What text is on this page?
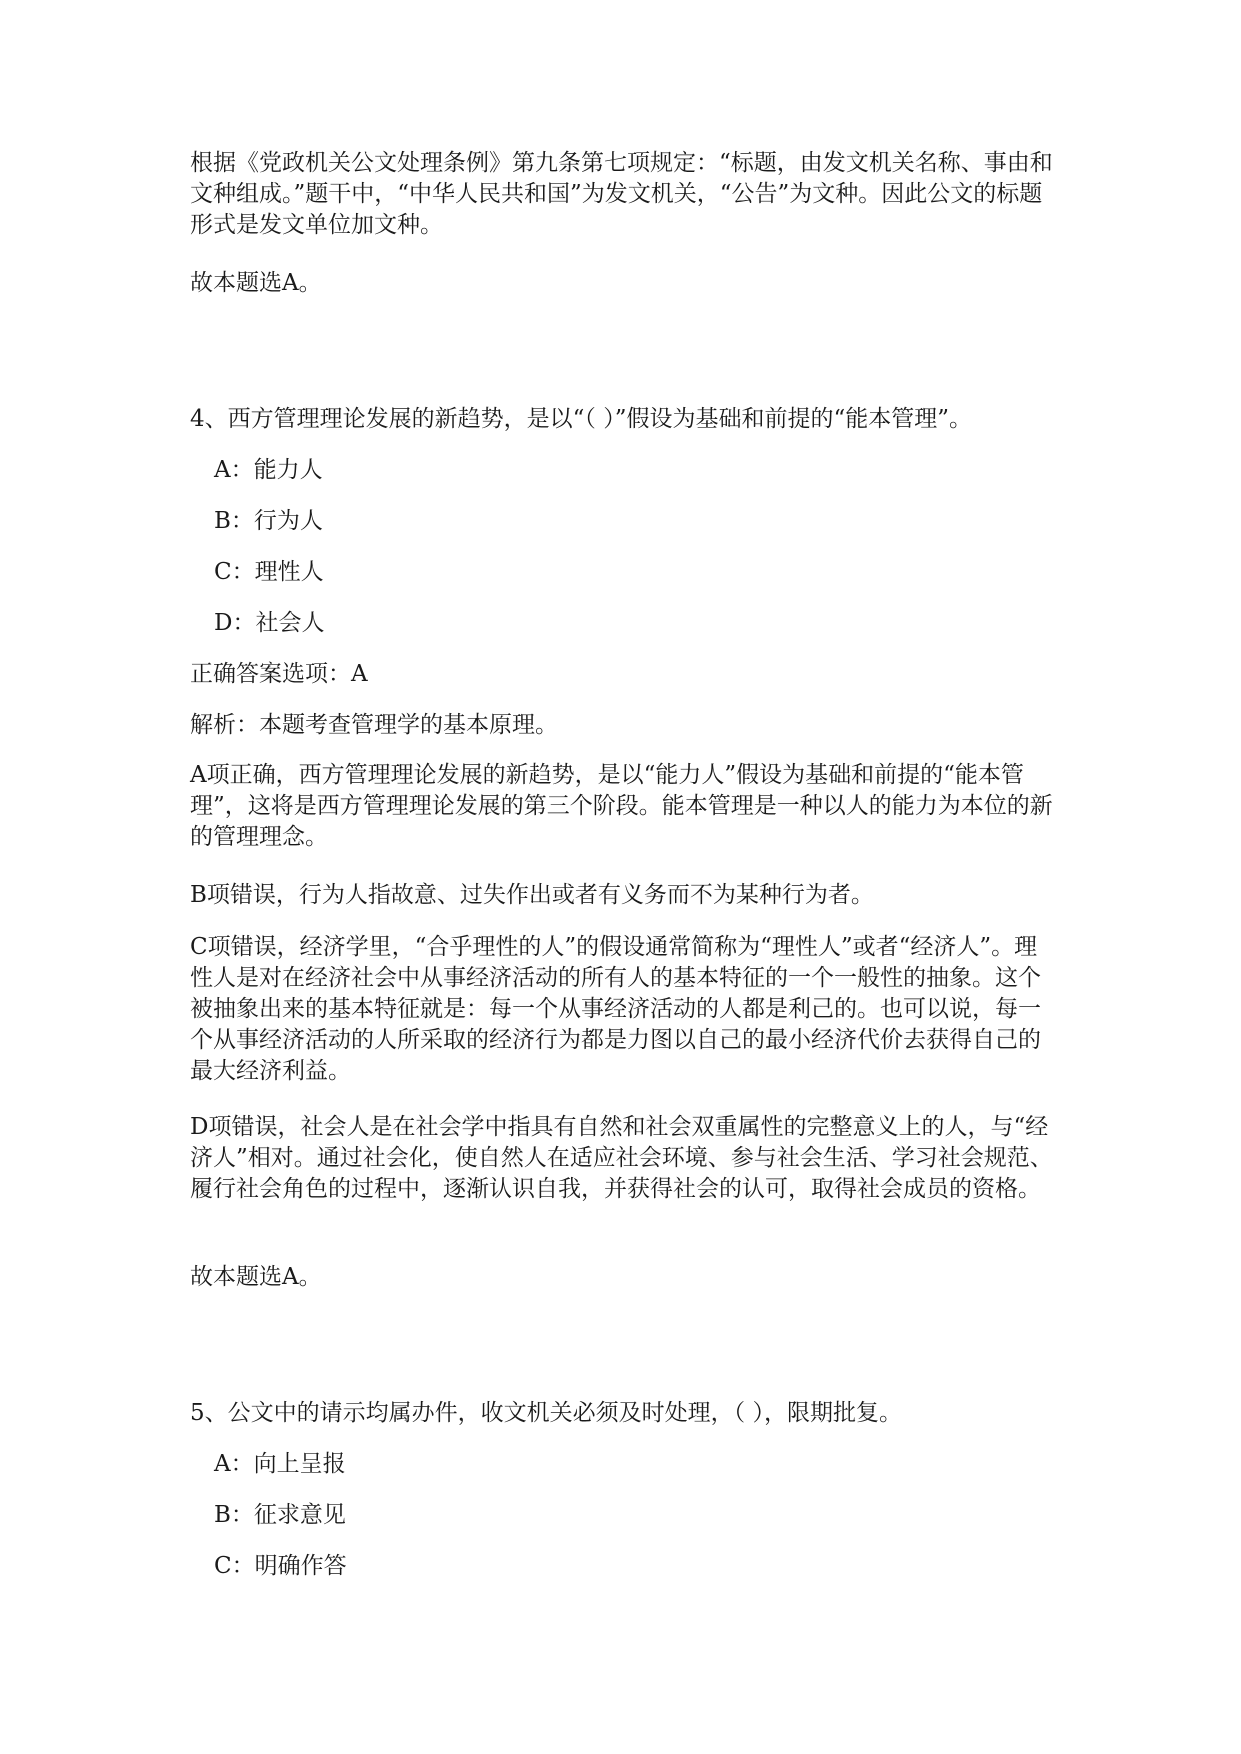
根据《党政机关公文处理条例》第九条第七项规定：“标题，由发文机关名称、事由和文种组成。”题干中，“中华人民共和国”为发文机关，“公告”为文种。因此公文的标题形式是发文单位加文种。

故本题选A。

4、西方管理理论发展的新趋势，是以“（ ）”假设为基础和前提的“能本管理”。

A：能力人

B：行为人

C：理性人

D：社会人

正确答案选项：A

解析：本题考查管理学的基本原理。

A项正确，西方管理理论发展的新趋势，是以“能力人”假设为基础和前提的“能本管理”，这将是西方管理理论发展的第三个阶段。能本管理是一种以人的能力为本位的新的管理理念。

B项错误，行为人指故意、过失作出或者有义务而不为某种行为者。

C项错误，经济学里，“合乎理性的人”的假设通常简称为“理性人”或者“经济人”。理性人是对在经济社会中从事经济活动的所有人的基本特征的一个一般性的抽象。这个被抽象出来的基本特征就是：每一个从事经济活动的人都是利己的。也可以说，每一个从事经济活动的人所采取的经济行为都是力图以自己的最小经济代价去获得自己的最大经济利益。

D项错误，社会人是在社会学中指具有自然和社会双重属性的完整意义上的人，与“经济人”相对。通过社会化，使自然人在适应社会环境、参与社会生活、学习社会规范、履行社会角色的过程中，逐渐认识自我，并获得社会的认可，取得社会成员的资格。

故本题选A。

5、公文中的请示均属办件，收文机关必须及时处理，（ ），限期批复。

A：向上呈报

B：征求意见

C：明确作答
